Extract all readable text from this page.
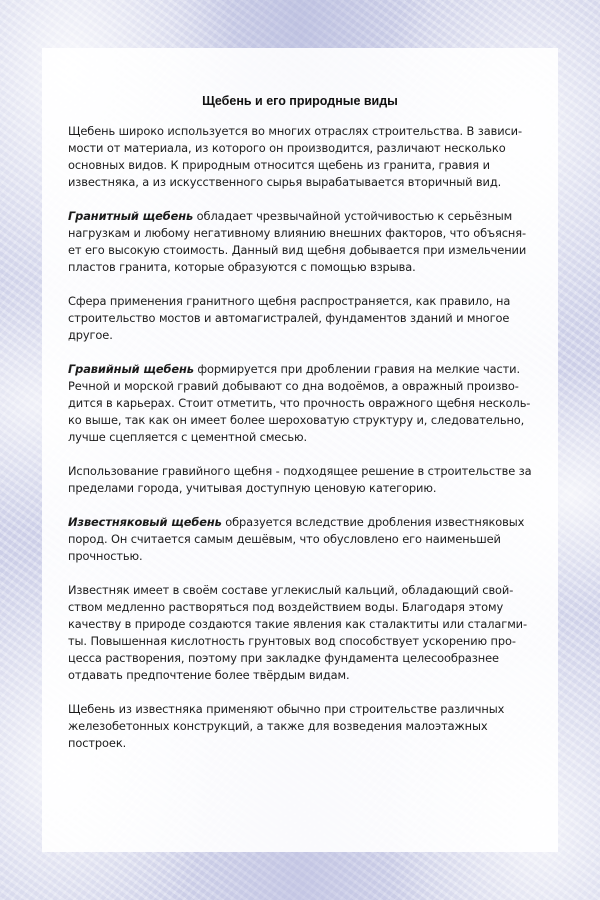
Щебень и его природные виды

Щебень широко используется во многих отраслях строительства. В зависи-мости от материала, из которого он производится, различают несколько основных видов. К природным относится щебень из гранита, гравия и известняка, а из искусственного сырья вырабатывается вторичный вид.

Гранитный щебень обладает чрезвычайной устойчивостью к серьёзным нагрузкам и любому негативному влиянию внешних факторов, что объясня-ет его высокую стоимость. Данный вид щебня добывается при измельчении пластов гранита, которые образуются с помощью взрыва.

Сфера применения гранитного щебня распространяется, как правило, на строительство мостов и автомагистралей, фундаментов зданий и многое другое.

Гравийный щебень формируется при дроблении гравия на мелкие части. Речной и морской гравий добывают со дна водоёмов, а овражный произво-дится в карьерах. Стоит отметить, что прочность овражного щебня несколь-ко выше, так как он имеет более шероховатую структуру и, следовательно, лучше сцепляется с цементной смесью.

Использование гравийного щебня - подходящее решение в строительстве за пределами города, учитывая доступную ценовую категорию.

Известняковый щебень образуется вследствие дробления известняковых пород. Он считается самым дешёвым, что обусловлено его наименьшей прочностью.

Известняк имеет в своём составе углекислый кальций, обладающий свой-ством медленно растворяться под воздействием воды. Благодаря этому качеству в природе создаются такие явления как сталактиты или сталагми-ты. Повышенная кислотность грунтовых вод способствует ускорению про-цесса растворения, поэтому при закладке фундамента целесообразнее отдавать предпочтение более твёрдым видам.

Щебень из известняка применяют обычно при строительстве различных железобетонных конструкций, а также для возведения малоэтажных построек.
